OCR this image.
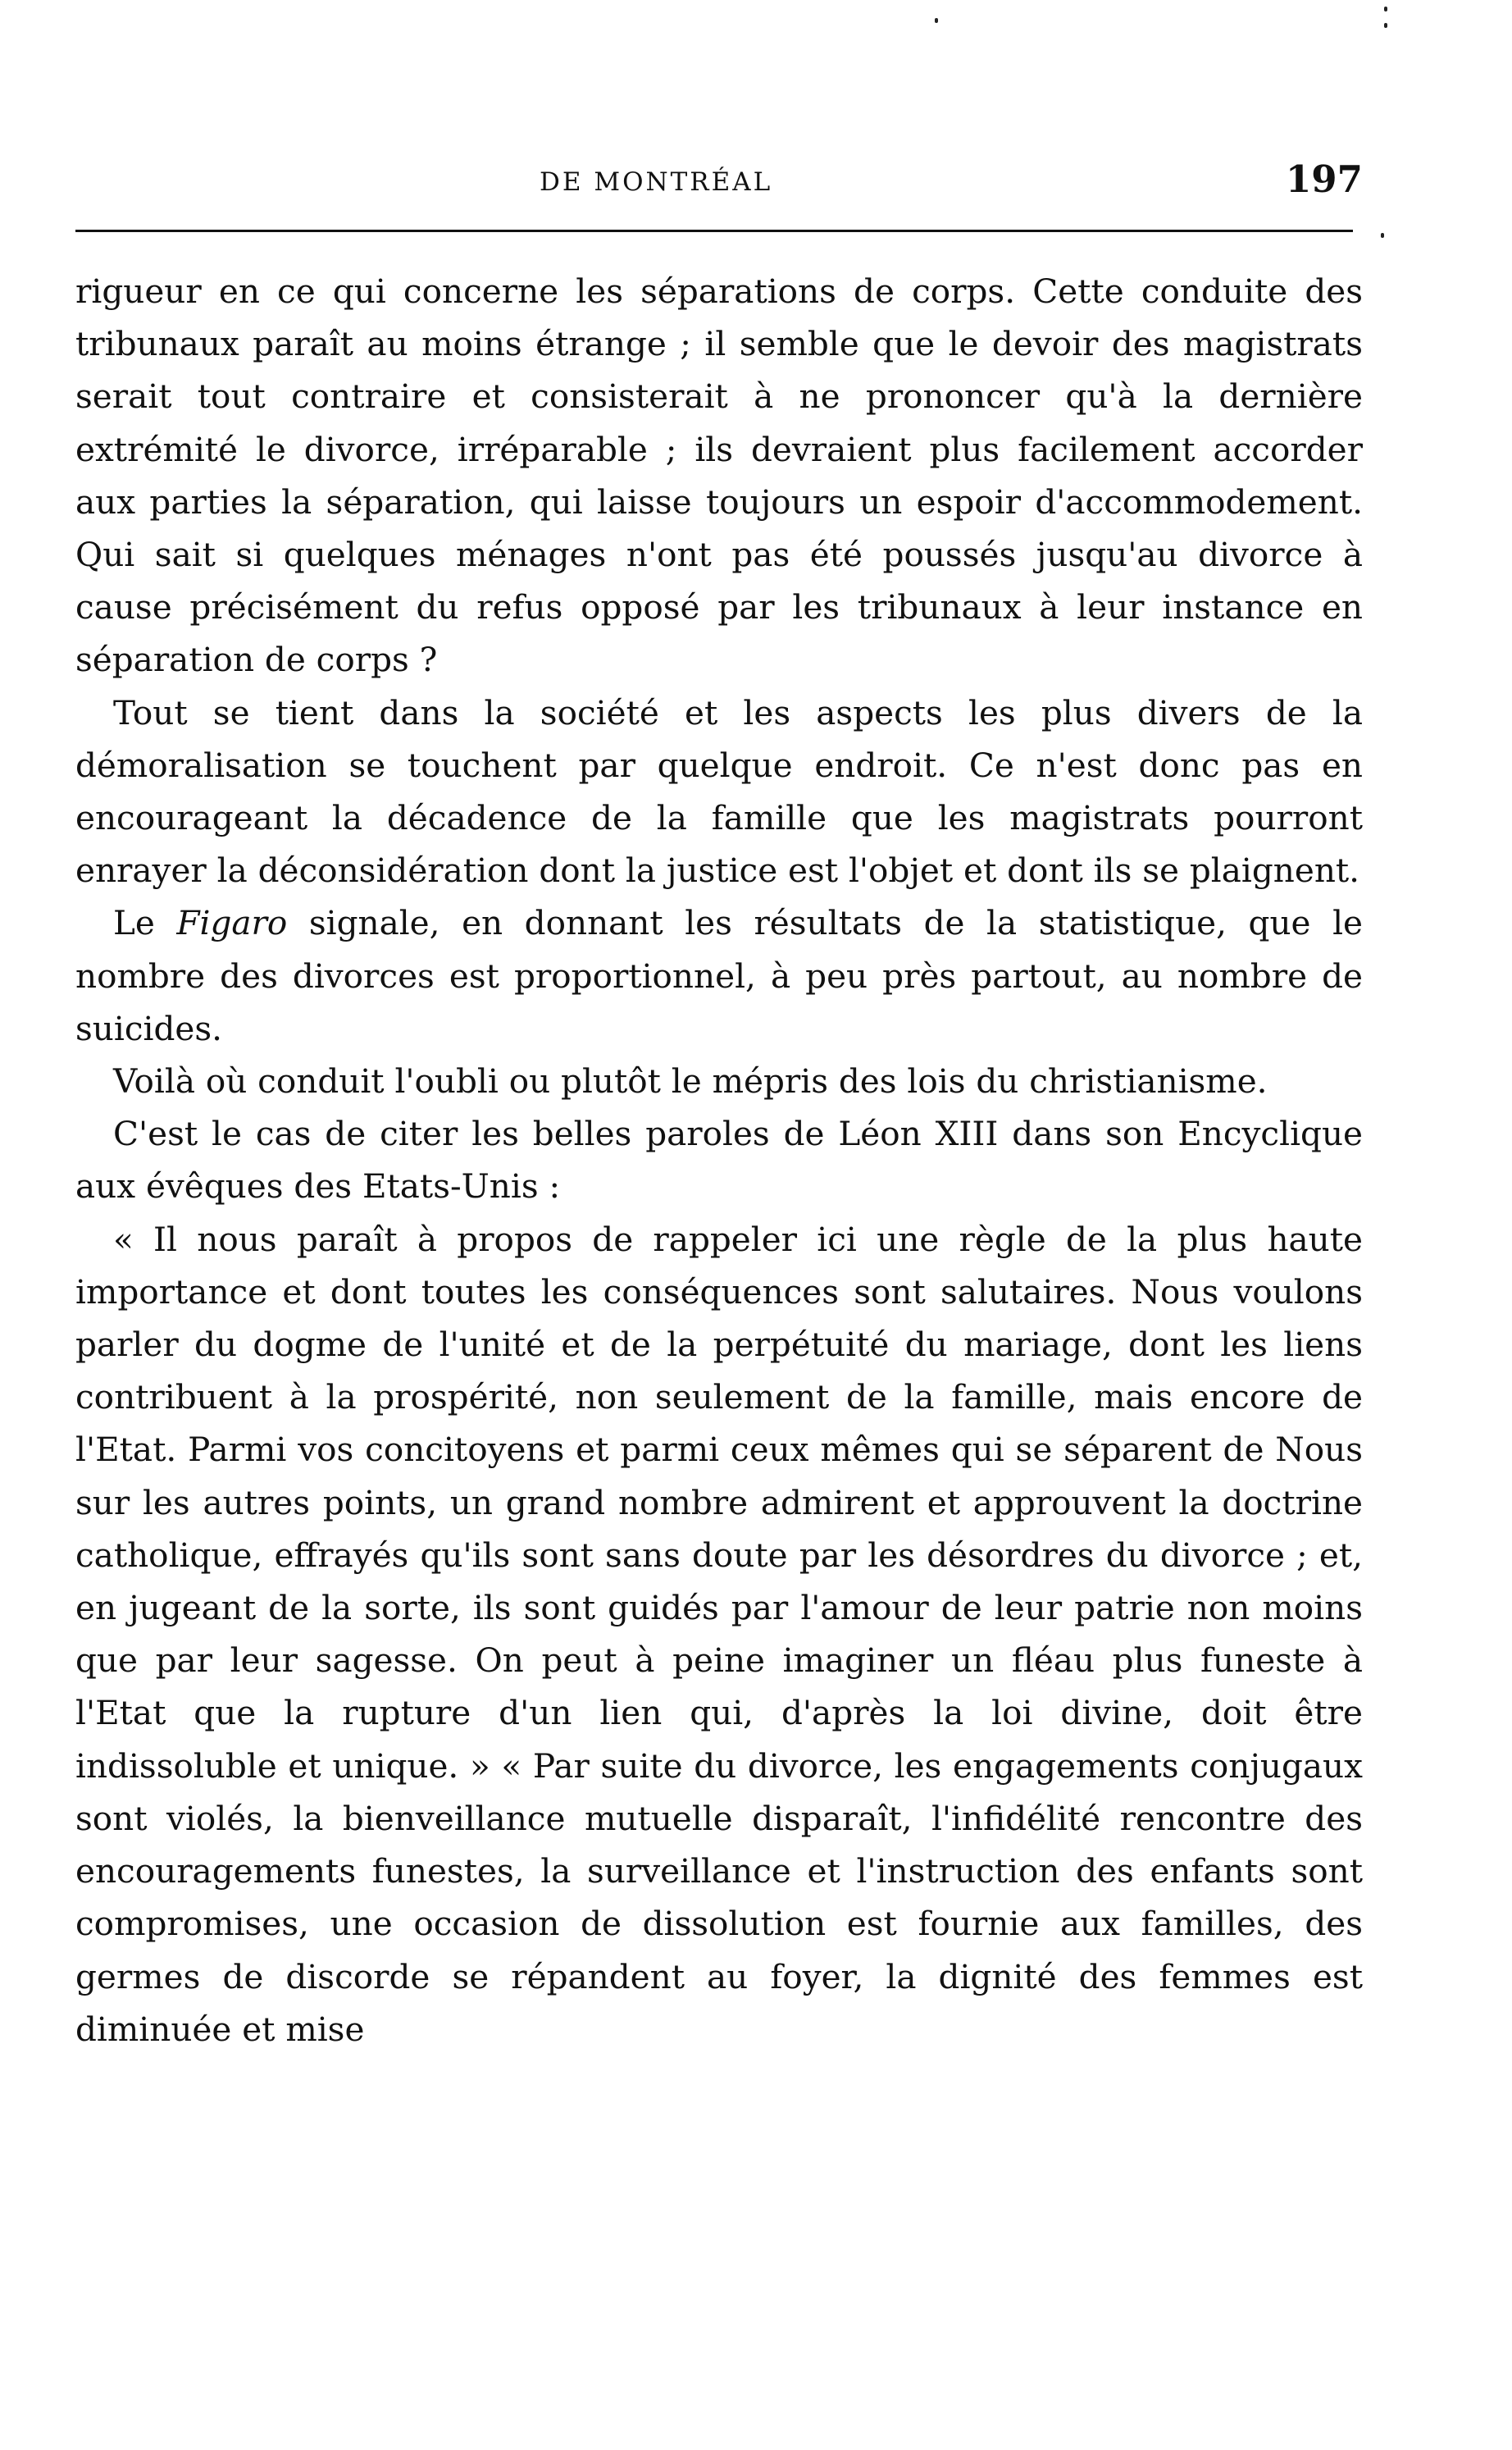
DE MONTRÉAL	197

rigueur en ce qui concerne les séparations de corps. Cette conduite des tribunaux paraît au moins étrange ; il semble que le devoir des magistrats serait tout contraire et consisterait à ne prononcer qu'à la dernière extrémité le divorce, irréparable ; ils devraient plus facilement accorder aux parties la séparation, qui laisse toujours un espoir d'accommodement. Qui sait si quelques ménages n'ont pas été poussés jusqu'au divorce à cause précisément du refus opposé par les tribunaux à leur instance en séparation de corps ?

Tout se tient dans la société et les aspects les plus divers de la démoralisation se touchent par quelque endroit. Ce n'est donc pas en encourageant la décadence de la famille que les magistrats pourront enrayer la déconsidération dont la justice est l'objet et dont ils se plaignent.

Le Figaro signale, en donnant les résultats de la statistique, que le nombre des divorces est proportionnel, à peu près partout, au nombre de suicides.

Voilà où conduit l'oubli ou plutôt le mépris des lois du christianisme.

C'est le cas de citer les belles paroles de Léon XIII dans son Encyclique aux évêques des Etats-Unis :

« Il nous paraît à propos de rappeler ici une règle de la plus haute importance et dont toutes les conséquences sont salutaires. Nous voulons parler du dogme de l'unité et de la perpétuité du mariage, dont les liens contribuent à la prospérité, non seulement de la famille, mais encore de l'Etat. Parmi vos concitoyens et parmi ceux mêmes qui se séparent de Nous sur les autres points, un grand nombre admirent et approuvent la doctrine catholique, effrayés qu'ils sont sans doute par les désordres du divorce ; et, en jugeant de la sorte, ils sont guidés par l'amour de leur patrie non moins que par leur sagesse. On peut à peine imaginer un fléau plus funeste à l'Etat que la rupture d'un lien qui, d'après la loi divine, doit être indissoluble et unique. » « Par suite du divorce, les engagements conjugaux sont violés, la bienveillance mutuelle disparaît, l'infidélité rencontre des encouragements funestes, la surveillance et l'instruction des enfants sont compromises, une occasion de dissolution est fournie aux familles, des germes de discorde se répandent au foyer, la dignité des femmes est diminuée et mise
